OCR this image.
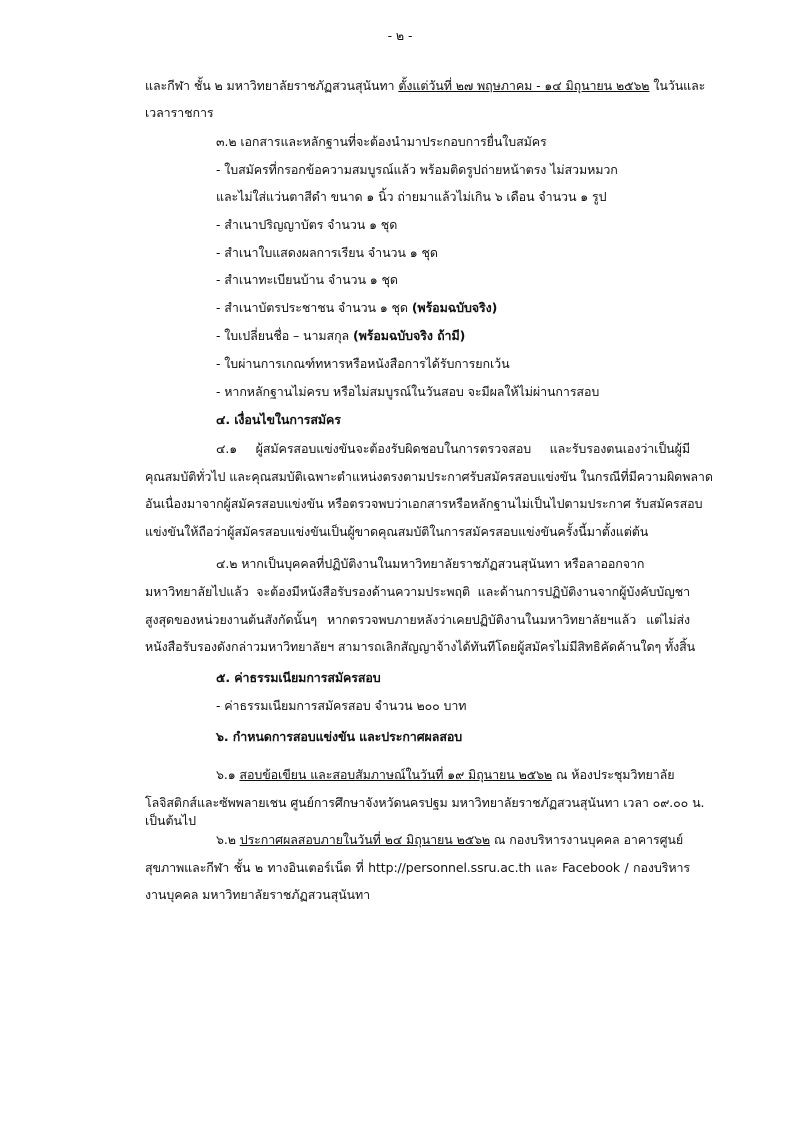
- ๒ -
และกีฬา ชั้น ๒ มหาวิทยาลัยราชภัฏสวนสุนันทา ตั้งแต่วันที่ ๒๗ พฤษภาคม - ๑๔ มิถุนายน ๒๕๖๒ ในวันและ
เวลาราชการ
๓.๒ เอกสารและหลักฐานที่จะต้องนำมาประกอบการยื่นใบสมัคร
- ใบสมัครที่กรอกข้อความสมบูรณ์แล้ว พร้อมติดรูปถ่ายหน้าตรง ไม่สวมหมวก
และไม่ใส่แว่นตาสีดำ ขนาด ๑ นิ้ว ถ่ายมาแล้วไม่เกิน ๖ เดือน จำนวน ๑ รูป
- สำเนาปริญญาบัตร จำนวน ๑ ชุด
- สำเนาใบแสดงผลการเรียน จำนวน ๑ ชุด
- สำเนาทะเบียนบ้าน จำนวน ๑ ชุด
- สำเนาบัตรประชาชน จำนวน ๑ ชุด (พร้อมฉบับจริง)
- ใบเปลี่ยนชื่อ – นามสกุล (พร้อมฉบับจริง ถ้ามี)
- ใบผ่านการเกณฑ์ทหารหรือหนังสือการได้รับการยกเว้น
- หากหลักฐานไม่ครบ หรือไม่สมบูรณ์ในวันสอบ จะมีผลให้ไม่ผ่านการสอบ
๔. เงื่อนไขในการสมัคร
๔.๑ ผู้สมัครสอบแข่งขันจะต้องรับผิดชอบในการตรวจสอบ และรับรองตนเองว่าเป็นผู้มี
คุณสมบัติทั่วไป และคุณสมบัติเฉพาะตำแหน่งตรงตามประกาศรับสมัครสอบแข่งขัน ในกรณีที่มีความผิดพลาด
อันเนื่องมาจากผู้สมัครสอบแข่งขัน หรือตรวจพบว่าเอกสารหรือหลักฐานไม่เป็นไปตามประกาศ รับสมัครสอบ
แข่งขันให้ถือว่าผู้สมัครสอบแข่งขันเป็นผู้ขาดคุณสมบัติในการสมัครสอบแข่งขันครั้งนี้มาตั้งแต่ต้น
๔.๒ หากเป็นบุคคลที่ปฏิบัติงานในมหาวิทยาลัยราชภัฏสวนสุนันทา หรือลาออกจาก
มหาวิทยาลัยไปแล้ว จะต้องมีหนังสือรับรองด้านความประพฤติ และด้านการปฏิบัติงานจากผู้บังคับบัญชา
สูงสุดของหน่วยงานต้นสังกัดนั้นๆ หากตรวจพบภายหลังว่าเคยปฏิบัติงานในมหาวิทยาลัยฯแล้ว แต่ไม่ส่ง
หนังสือรับรองดังกล่าวมหาวิทยาลัยฯ สามารถเลิกสัญญาจ้างได้ทันทีโดยผู้สมัครไม่มีสิทธิคัดค้านใดๆ ทั้งสิ้น
๕. ค่าธรรมเนียมการสมัครสอบ
- ค่าธรรมเนียมการสมัครสอบ จำนวน ๒๐๐ บาท
๖. กำหนดการสอบแข่งขัน และประกาศผลสอบ
๖.๑ สอบข้อเขียน และสอบสัมภาษณ์ในวันที่ ๑๙ มิถุนายน ๒๕๖๒ ณ ห้องประชุมวิทยาลัย
โลจิสติกส์และซัพพลายเชน ศูนย์การศึกษาจังหวัดนครปฐม มหาวิทยาลัยราชภัฏสวนสุนันทา เวลา ๐๙.๐๐ น.
เป็นต้นไป
๖.๒ ประกาศผลสอบภายในวันที่ ๒๔ มิถุนายน ๒๕๖๒ ณ กองบริหารงานบุคคล อาคารศูนย์
สุขภาพและกีฬา ชั้น ๒ ทางอินเตอร์เน็ต ที่ http://personnel.ssru.ac.th และ Facebook / กองบริหาร
งานบุคคล มหาวิทยาลัยราชภัฏสวนสุนันทา
